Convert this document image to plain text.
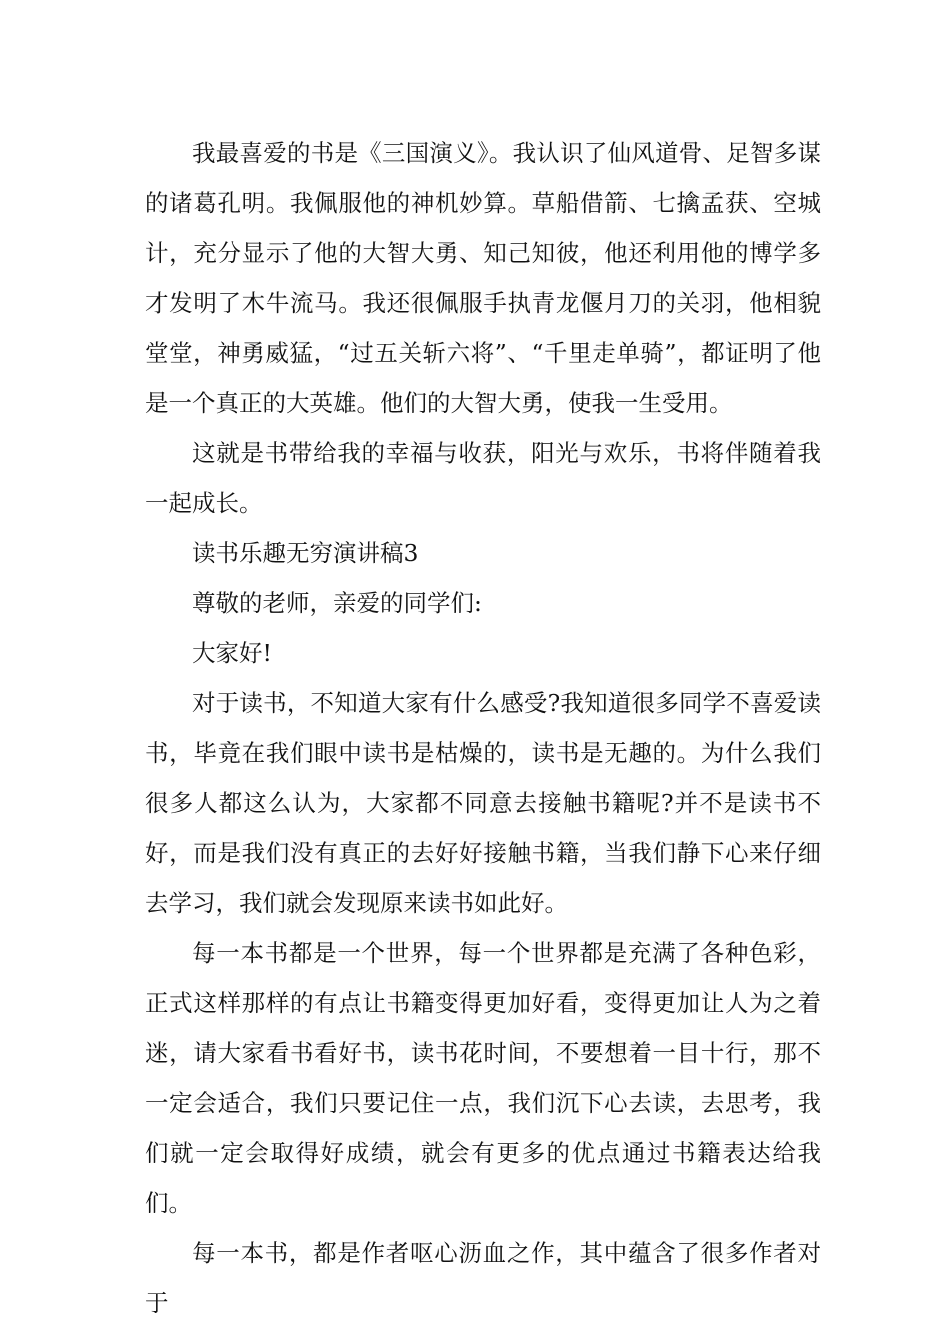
我最喜爱的书是《三国演义》。我认识了仙风道骨、足智多谋的诸葛孔明。我佩服他的神机妙算。草船借箭、七擒孟获、空城计，充分显示了他的大智大勇、知己知彼，他还利用他的博学多才发明了木牛流马。我还很佩服手执青龙偃月刀的关羽，他相貌堂堂，神勇威猛，“过五关斩六将”、“千里走单骑”，都证明了他是一个真正的大英雄。他们的大智大勇，使我一生受用。

这就是书带给我的幸福与收获，阳光与欢乐，书将伴随着我一起成长。

读书乐趣无穷演讲稿3

尊敬的老师，亲爱的同学们:

大家好!

对于读书，不知道大家有什么感受?我知道很多同学不喜爱读书，毕竟在我们眼中读书是枯燥的，读书是无趣的。为什么我们很多人都这么认为，大家都不同意去接触书籍呢?并不是读书不好，而是我们没有真正的去好好接触书籍，当我们静下心来仔细去学习，我们就会发现原来读书如此好。

每一本书都是一个世界，每一个世界都是充满了各种色彩，正式这样那样的有点让书籍变得更加好看，变得更加让人为之着迷，请大家看书看好书，读书花时间，不要想着一目十行，那不一定会适合，我们只要记住一点，我们沉下心去读，去思考，我们就一定会取得好成绩，就会有更多的优点通过书籍表达给我们。

每一本书，都是作者呕心沥血之作，其中蕴含了很多作者对于
